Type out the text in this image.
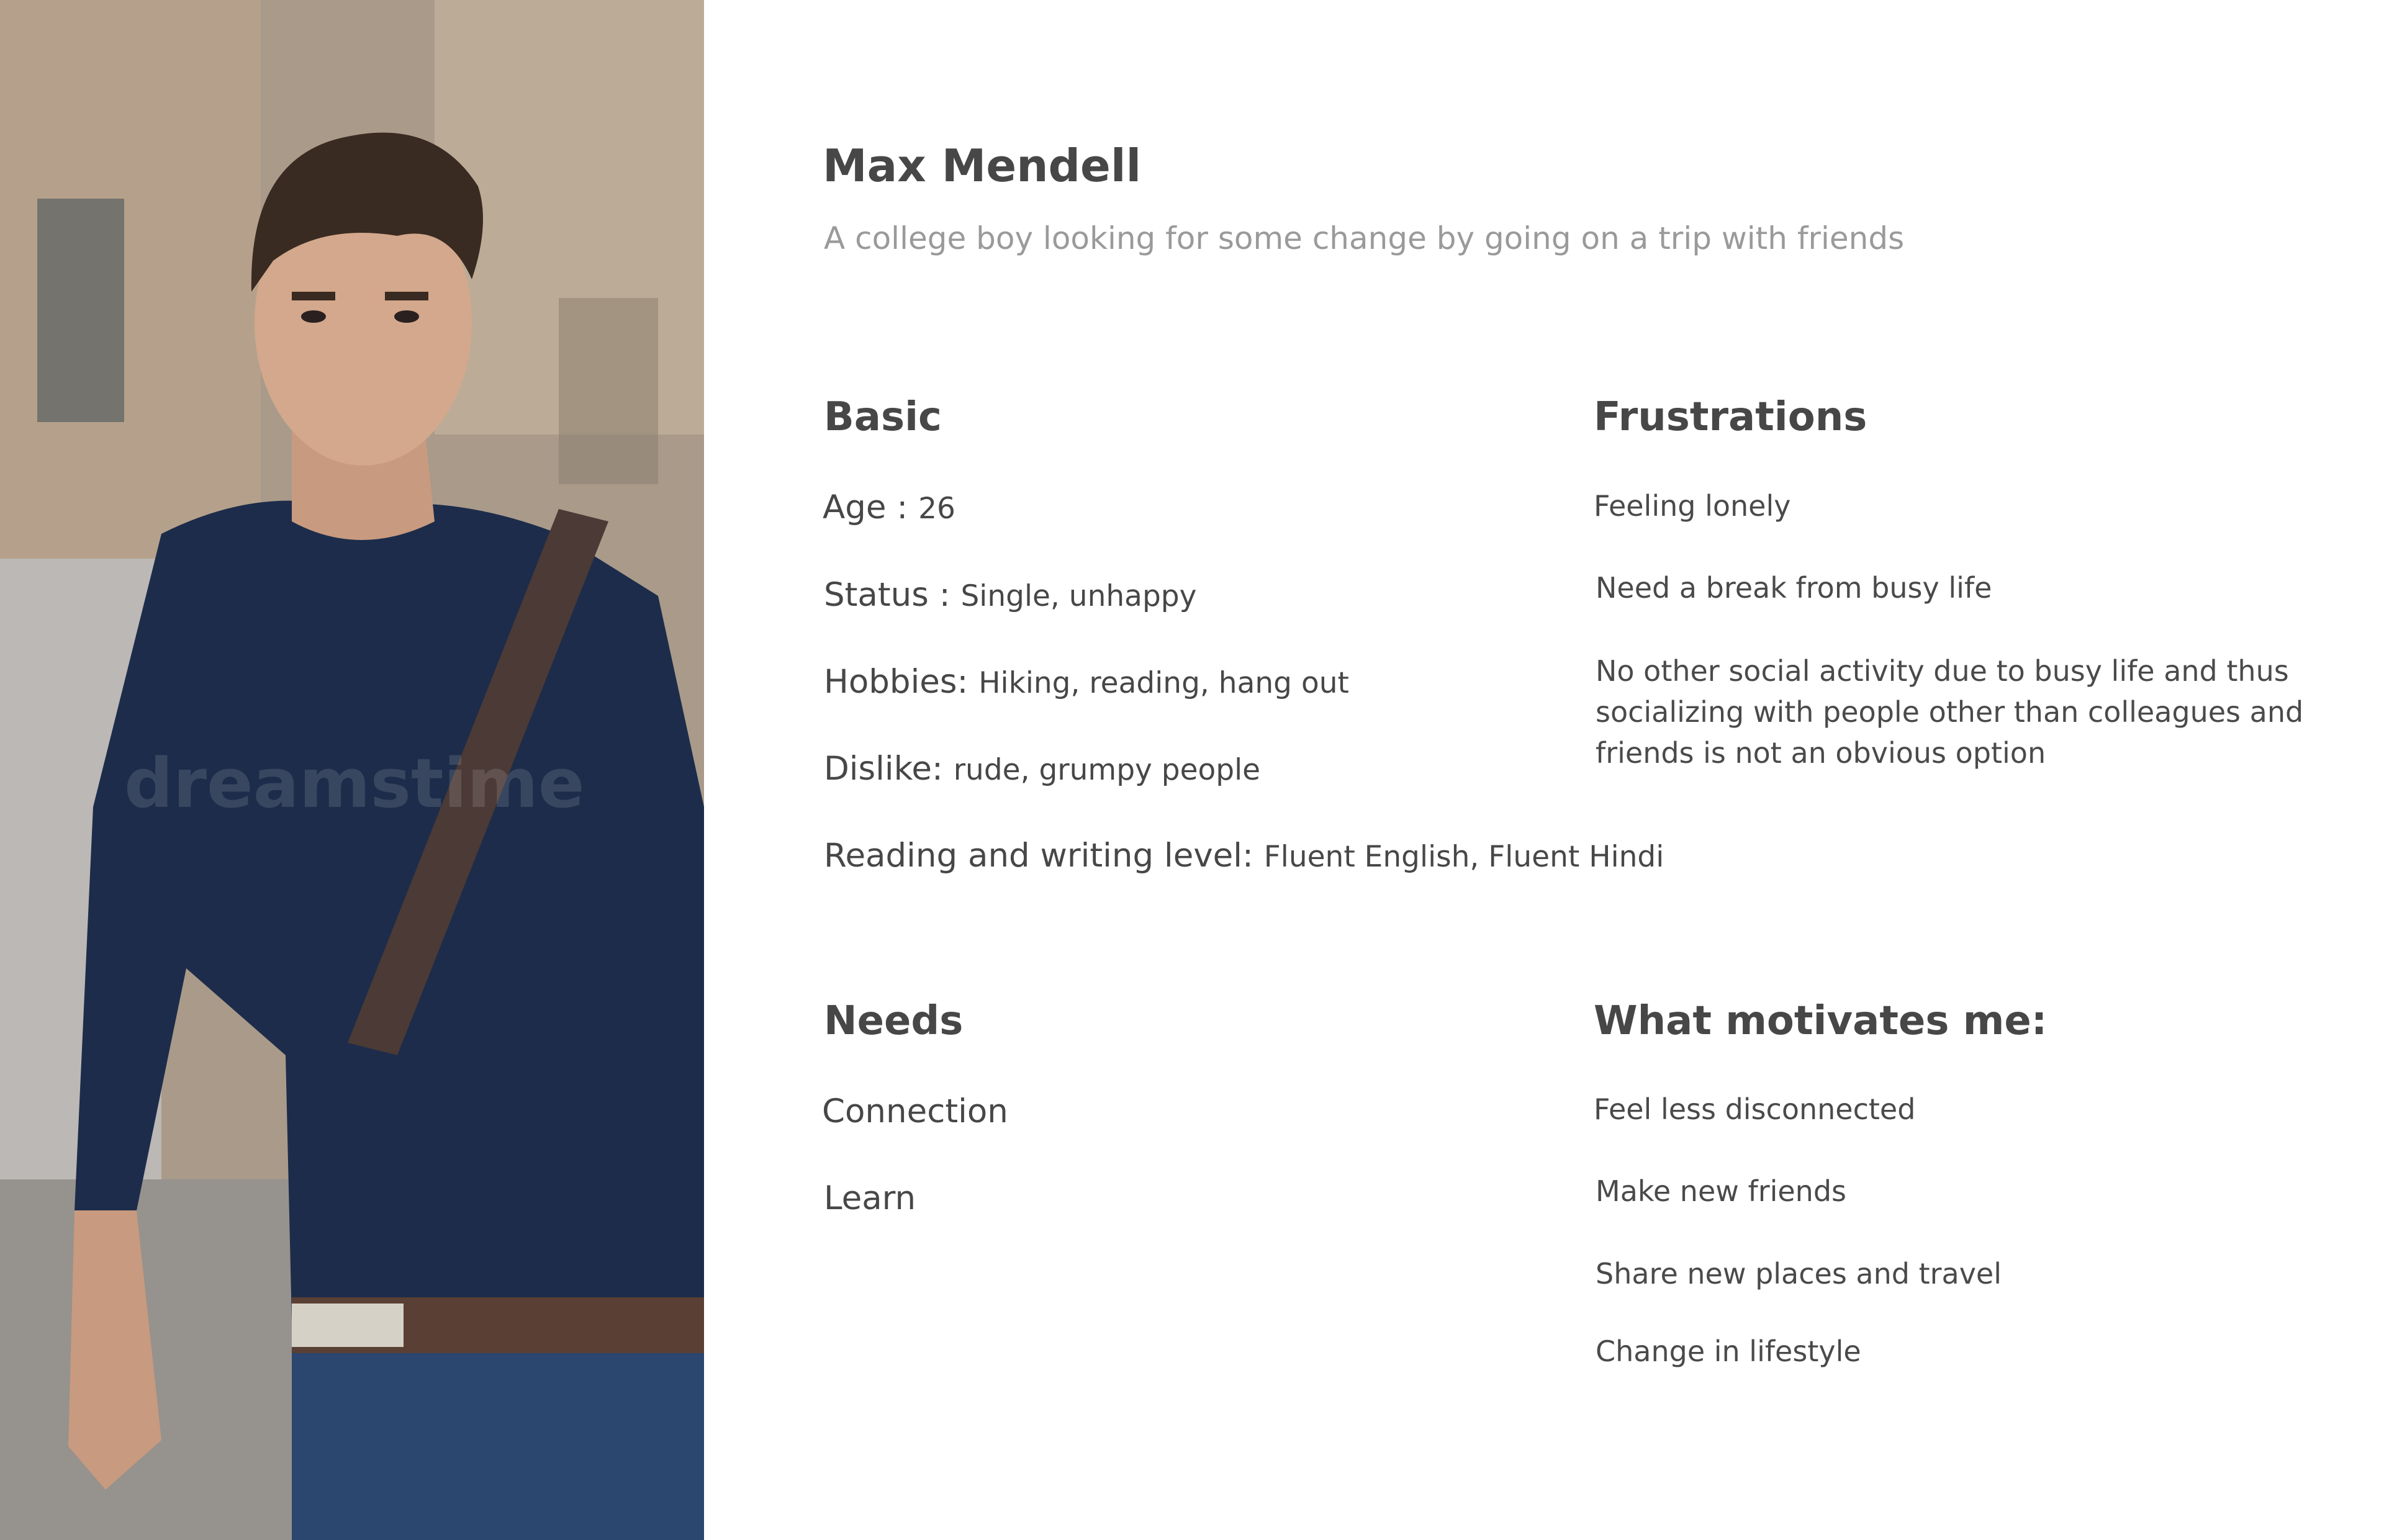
dreamstime
Max Mendell
A college boy looking for some change by going on a trip with friends
Basic
Age : 26
Status : Single, unhappy
Hobbies: Hiking, reading, hang out
Dislike: rude, grumpy people
Reading and writing level: Fluent English, Fluent Hindi
Frustrations
Feeling lonely
Need a break from busy life
No other social activity due to busy life and thus socializing with people other than colleagues and friends is not an obvious option
Needs
Connection
Learn
What motivates me:
Feel less disconnected
Make new friends
Share new places and travel
Change in lifestyle
